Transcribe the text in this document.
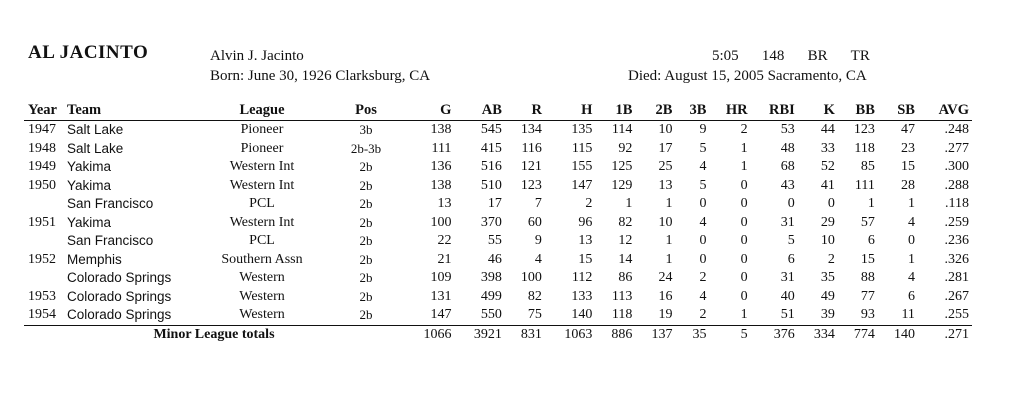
AL JACINTO	Alvin J. Jacinto
Born: June 30, 1926 Clarksburg, CA
5:05   148   BR   TR
Died: August 15, 2005 Sacramento, CA
Year	Team	League	Pos	G	AB	R	H	1B	2B	3B	HR	RBI	K	BB	SB	AVG
1947	Salt Lake	Pioneer	3b	138	545	134	135	114	10	9	2	53	44	123	47	.248
1948	Salt Lake	Pioneer	2b-3b	111	415	116	115	92	17	5	1	48	33	118	23	.277
1949	Yakima	Western Int	2b	136	516	121	155	125	25	4	1	68	52	85	15	.300
1950	Yakima	Western Int	2b	138	510	123	147	129	13	5	0	43	41	111	28	.288
	San Francisco	PCL	2b	13	17	7	2	1	1	0	0	0	0	1	1	.118
1951	Yakima	Western Int	2b	100	370	60	96	82	10	4	0	31	29	57	4	.259
	San Francisco	PCL	2b	22	55	9	13	12	1	0	0	5	10	6	0	.236
1952	Memphis	Southern Assn	2b	21	46	4	15	14	1	0	0	6	2	15	1	.326
	Colorado Springs	Western	2b	109	398	100	112	86	24	2	0	31	35	88	4	.281
1953	Colorado Springs	Western	2b	131	499	82	133	113	16	4	0	40	49	77	6	.267
1954	Colorado Springs	Western	2b	147	550	75	140	118	19	2	1	51	39	93	11	.255
Minor League totals				1066	3921	831	1063	886	137	35	5	376	334	774	140	.271
